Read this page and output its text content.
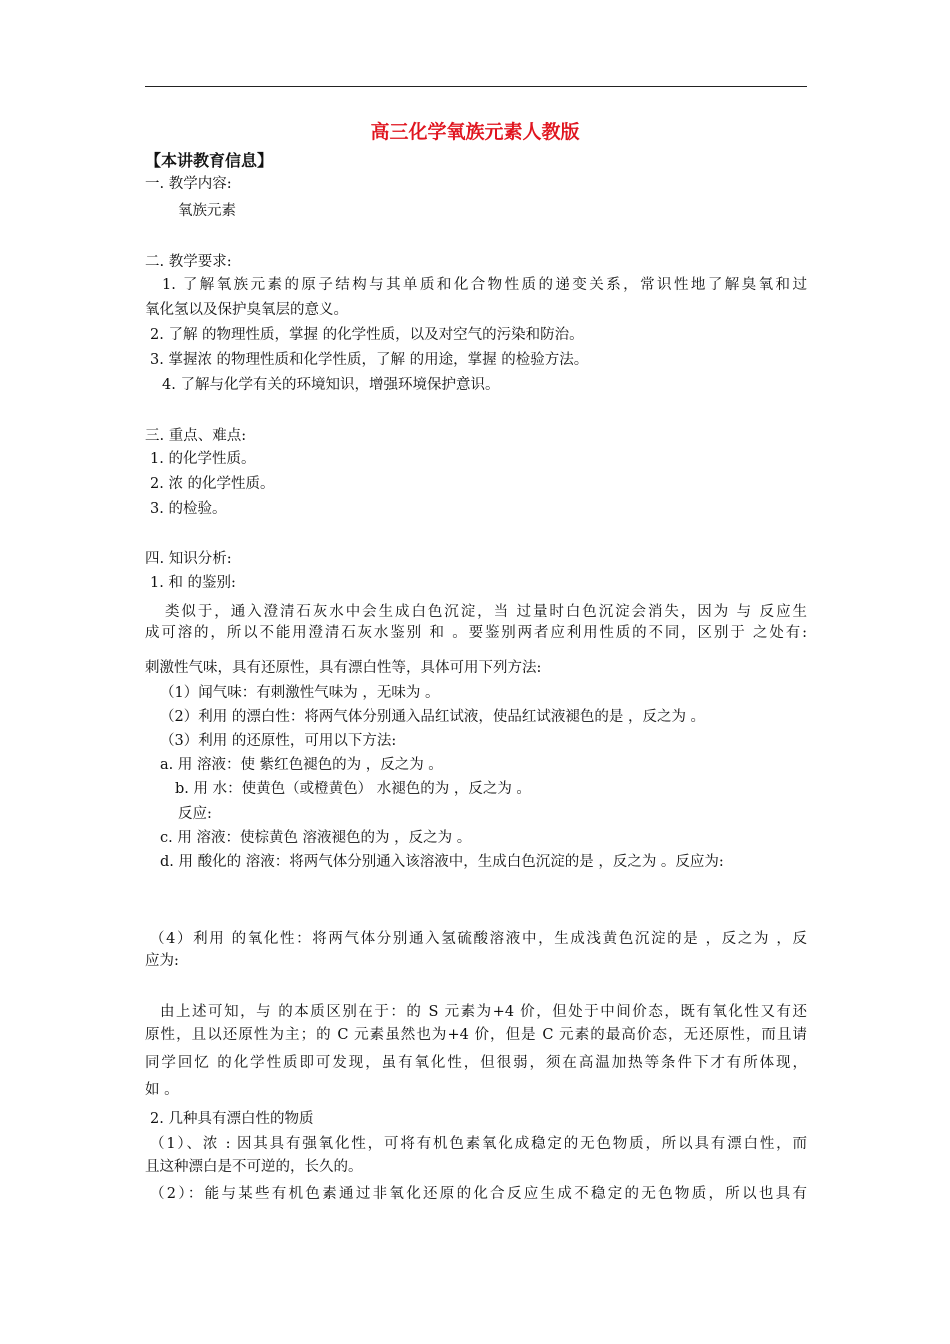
高三化学氧族元素人教版
【本讲教育信息】
一. 教学内容:
氧族元素
二. 教学要求:
1. 了解氧族元素的原子结构与其单质和化合物性质的递变关系，常识性地了解臭氧和过
氧化氢以及保护臭氧层的意义。
2. 了解 的物理性质，掌握 的化学性质，以及对空气的污染和防治。
3. 掌握浓 的物理性质和化学性质，了解 的用途，掌握 的检验方法。
4. 了解与化学有关的环境知识，增强环境保护意识。
三. 重点、难点:
1. 的化学性质。
2. 浓 的化学性质。
3. 的检验。
四. 知识分析:
1. 和 的鉴别:
类似于，通入澄清石灰水中会生成白色沉淀，当 过量时白色沉淀会消失，因为 与 反应生
成可溶的，所以不能用澄清石灰水鉴别 和 。要鉴别两者应利用性质的不同，区别于 之处有:
刺激性气味，具有还原性，具有漂白性等，具体可用下列方法:
（1）闻气味：有刺激性气味为 ，无味为 。
（2）利用 的漂白性：将两气体分别通入品红试液，使品红试液褪色的是 ，反之为 。
（3）利用 的还原性，可用以下方法:
a. 用 溶液：使 紫红色褪色的为 ，反之为 。
b. 用 水：使黄色（或橙黄色） 水褪色的为 ，反之为 。
反应:
c. 用 溶液：使棕黄色 溶液褪色的为 ，反之为 。
d. 用 酸化的 溶液：将两气体分别通入该溶液中，生成白色沉淀的是 ，反之为 。反应为:
（4）利用 的氧化性：将两气体分别通入氢硫酸溶液中，生成浅黄色沉淀的是 ，反之为 ，反
应为:
由上述可知，与 的本质区别在于：的 S 元素为+4 价，但处于中间价态，既有氧化性又有还
原性，且以还原性为主；的 C 元素虽然也为+4 价，但是 C 元素的最高价态，无还原性，而且请
同学回忆 的化学性质即可发现，虽有氧化性，但很弱，须在高温加热等条件下才有所体现，
如 。
2. 几种具有漂白性的物质
（1）、浓 : 因其具有强氧化性，可将有机色素氧化成稳定的无色物质，所以具有漂白性，而
且这种漂白是不可逆的，长久的。
（2）：能与某些有机色素通过非氧化还原的化合反应生成不稳定的无色物质，所以也具有
